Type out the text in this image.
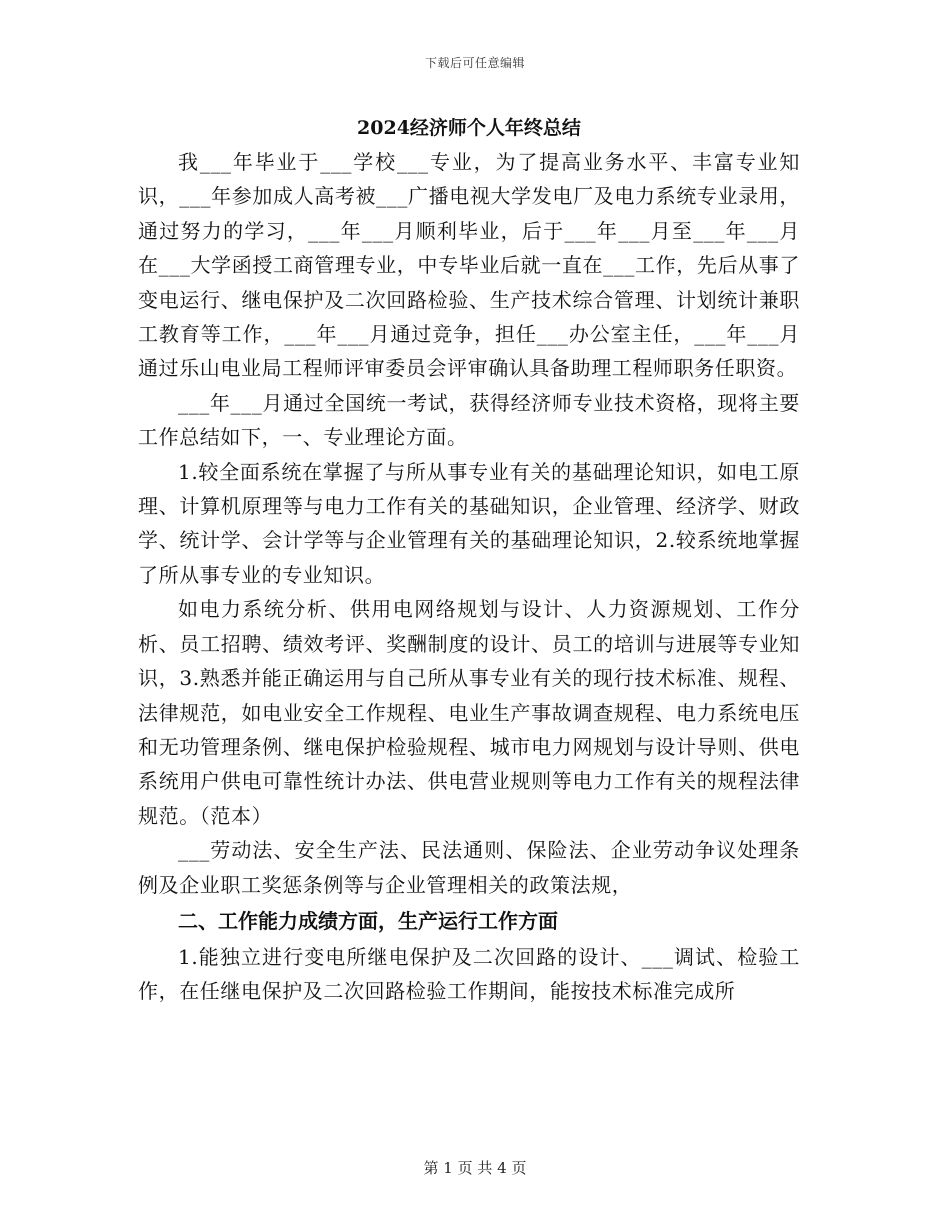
下载后可任意编辑
2024经济师个人年终总结

我___年毕业于___学校___专业，为了提高业务水平、丰富专业知识，___年参加成人高考被___广播电视大学发电厂及电力系统专业录用，通过努力的学习，___年___月顺利毕业，后于___年___月至___年___月在___大学函授工商管理专业，中专毕业后就一直在___工作，先后从事了变电运行、继电保护及二次回路检验、生产技术综合管理、计划统计兼职工教育等工作，___年___月通过竞争，担任___办公室主任，___年___月通过乐山电业局工程师评审委员会评审确认具备助理工程师职务任职资。

___年___月通过全国统一考试，获得经济师专业技术资格，现将主要工作总结如下，一、专业理论方面。

1.较全面系统在掌握了与所从事专业有关的基础理论知识，如电工原理、计算机原理等与电力工作有关的基础知识，企业管理、经济学、财政学、统计学、会计学等与企业管理有关的基础理论知识，2.较系统地掌握了所从事专业的专业知识。

如电力系统分析、供用电网络规划与设计、人力资源规划、工作分析、员工招聘、绩效考评、奖酬制度的设计、员工的培训与进展等专业知识，3.熟悉并能正确运用与自己所从事专业有关的现行技术标准、规程、法律规范，如电业安全工作规程、电业生产事故调查规程、电力系统电压和无功管理条例、继电保护检验规程、城市电力网规划与设计导则、供电系统用户供电可靠性统计办法、供电营业规则等电力工作有关的规程法律规范。（范本）

___劳动法、安全生产法、民法通则、保险法、企业劳动争议处理条例及企业职工奖惩条例等与企业管理相关的政策法规，

二、工作能力成绩方面，生产运行工作方面

1.能独立进行变电所继电保护及二次回路的设计、___调试、检验工作，在任继电保护及二次回路检验工作期间，能按技术标准完成所

第 1 页 共 4 页
